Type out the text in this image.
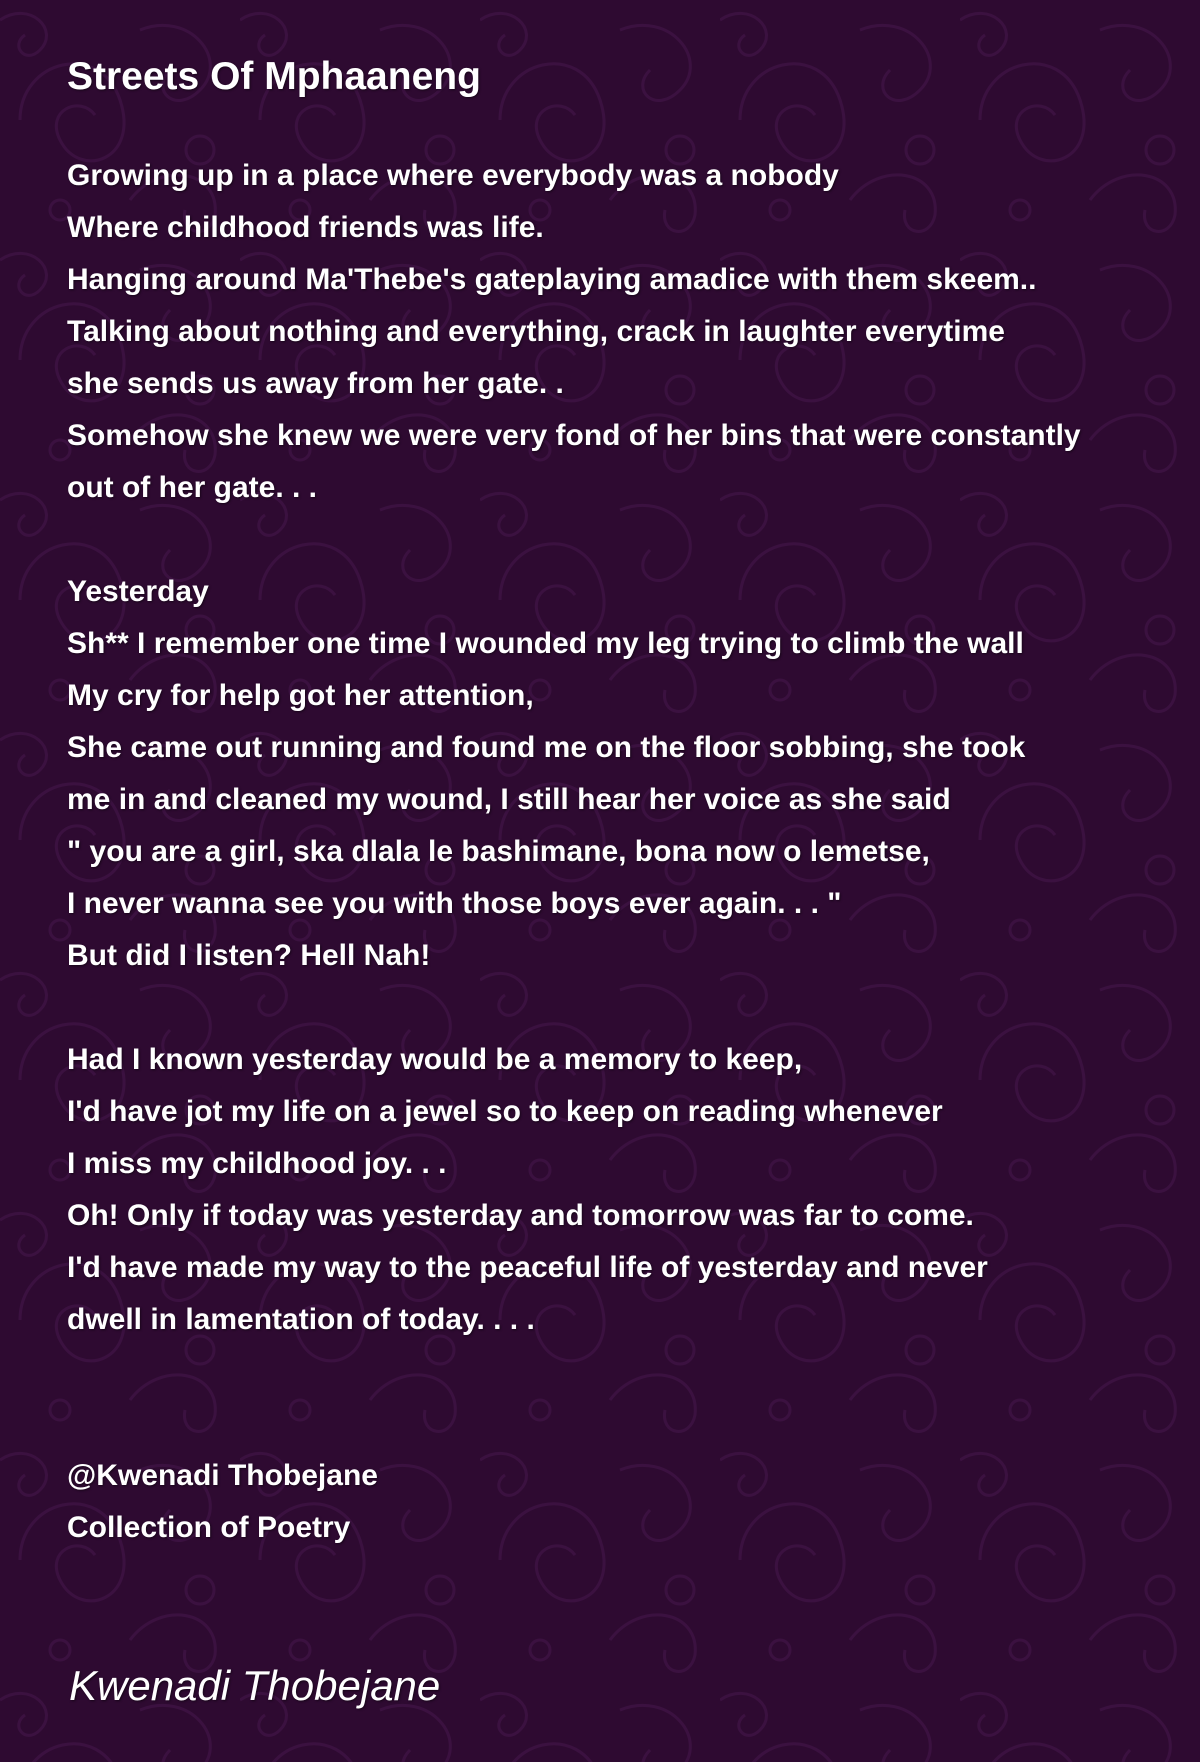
Streets Of Mphaaneng
Growing up in a place where everybody was a nobody
Where childhood friends was life.
Hanging around Ma'Thebe's gateplaying amadice with them skeem..
Talking about nothing and everything, crack in laughter everytime
she sends us away from her gate. .
Somehow she knew we were very fond of her bins that were constantly
out of her gate. . .
Yesterday
Sh** I remember one time I wounded my leg trying to climb the wall
My cry for help got her attention,
She came out running and found me on the floor sobbing, she took
me in and cleaned my wound, I still hear her voice as she said
" you are a girl, ska dlala le bashimane, bona now o lemetse,
I never wanna see you with those boys ever again. . . "
But did I listen? Hell Nah!
Had I known yesterday would be a memory to keep,
I'd have jot my life on a jewel so to keep on reading whenever
I miss my childhood joy. . .
Oh! Only if today was yesterday and tomorrow was far to come.
I'd have made my way to the peaceful life of yesterday and never
dwell in lamentation of today. . . .
@Kwenadi Thobejane
Collection of Poetry
Kwenadi Thobejane
